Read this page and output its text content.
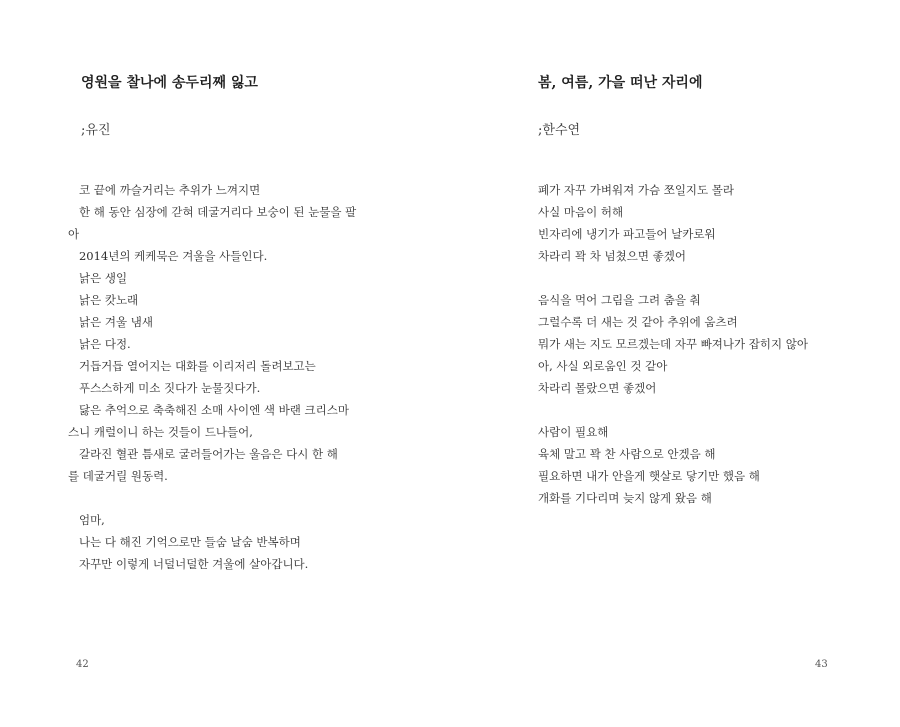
영원을 찰나에 송두리째 잃고
;유진
코 끝에 까슬거리는 추위가 느껴지면
한 해 동안 심장에 갇혀 데굴거리다 보숭이 된 눈물을 팔
아
2014년의 케케묵은 겨울을 사들인다.
낡은 생일
낡은 캇노래
낡은 겨울 냄새
낡은 다정.
거듭거듭 열어지는 대화를 이리저리 돌려보고는
푸스스하게 미소 짓다가 눈물짓다가.
닳은 추억으로 축축해진 소매 사이엔 색 바랜 크리스마
스니 캐럴이니 하는 것들이 드나들어,
갈라진 혈관 틈새로 굴러들어가는 울음은 다시 한 해
를 데굴거릴 원동력.
엄마,
나는 다 해진 기억으로만 들숨 날숨 반복하며
자꾸만 이렇게 너덜너덜한 겨울에 살아갑니다.
42
봄, 여름, 가을 떠난 자리에
;한수연
폐가 자꾸 가벼워져 가슴 쪼일지도 몰라
사실 마음이 허해
빈자리에 냉기가 파고들어 날카로워
차라리 꽉 차 넘쳤으면 좋겠어
음식을 먹어 그림을 그려 춤을 춰
그럴수록 더 새는 것 같아 추위에 움츠려
뭐가 새는 지도 모르겠는데 자꾸 빠져나가 잡히지 않아
아, 사실 외로움인 것 같아
차라리 몰랐으면 좋겠어
사람이 필요해
육체 말고 꽉 찬 사람으로 안겠음 해
필요하면 내가 안을게 햇살로 닿기만 했음 해
개화를 기다리며 늦지 않게 왔음 해
43
